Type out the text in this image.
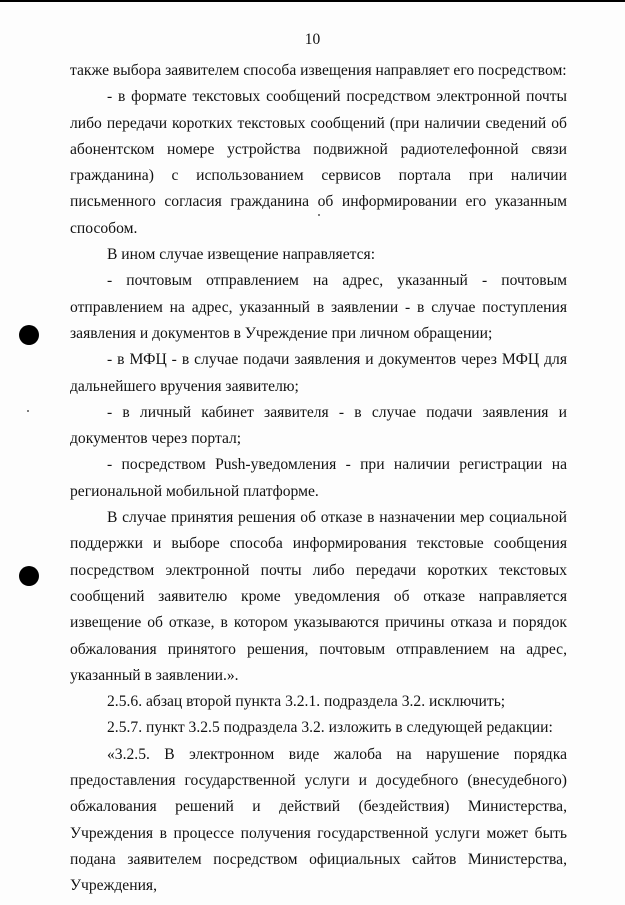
10

также выбора заявителем способа извещения направляет его посредством:

- в формате текстовых сообщений посредством электронной почты либо передачи коротких текстовых сообщений (при наличии сведений об абонентском номере устройства подвижной радиотелефонной связи гражданина) с использованием сервисов портала при наличии письменного согласия гражданина об информировании его указанным способом.

В ином случае извещение направляется:

- почтовым отправлением на адрес, указанный - почтовым отправлением на адрес, указанный в заявлении - в случае поступления заявления и документов в Учреждение при личном обращении;

- в МФЦ - в случае подачи заявления и документов через МФЦ для дальнейшего вручения заявителю;

- в личный кабинет заявителя - в случае подачи заявления и документов через портал;

- посредством Push-уведомления - при наличии регистрации на региональной мобильной платформе.

В случае принятия решения об отказе в назначении мер социальной поддержки и выборе способа информирования текстовые сообщения посредством электронной почты либо передачи коротких текстовых сообщений заявителю кроме уведомления об отказе направляется извещение об отказе, в котором указываются причины отказа и порядок обжалования принятого решения, почтовым отправлением на адрес, указанный в заявлении.».

2.5.6. абзац второй пункта 3.2.1. подраздела 3.2. исключить;

2.5.7. пункт 3.2.5 подраздела 3.2. изложить в следующей редакции:

«3.2.5. В электронном виде жалоба на нарушение порядка предоставления государственной услуги и досудебного (внесудебного) обжалования решений и действий (бездействия) Министерства, Учреждения в процессе получения государственной услуги может быть подана заявителем посредством официальных сайтов Министерства, Учреждения,
